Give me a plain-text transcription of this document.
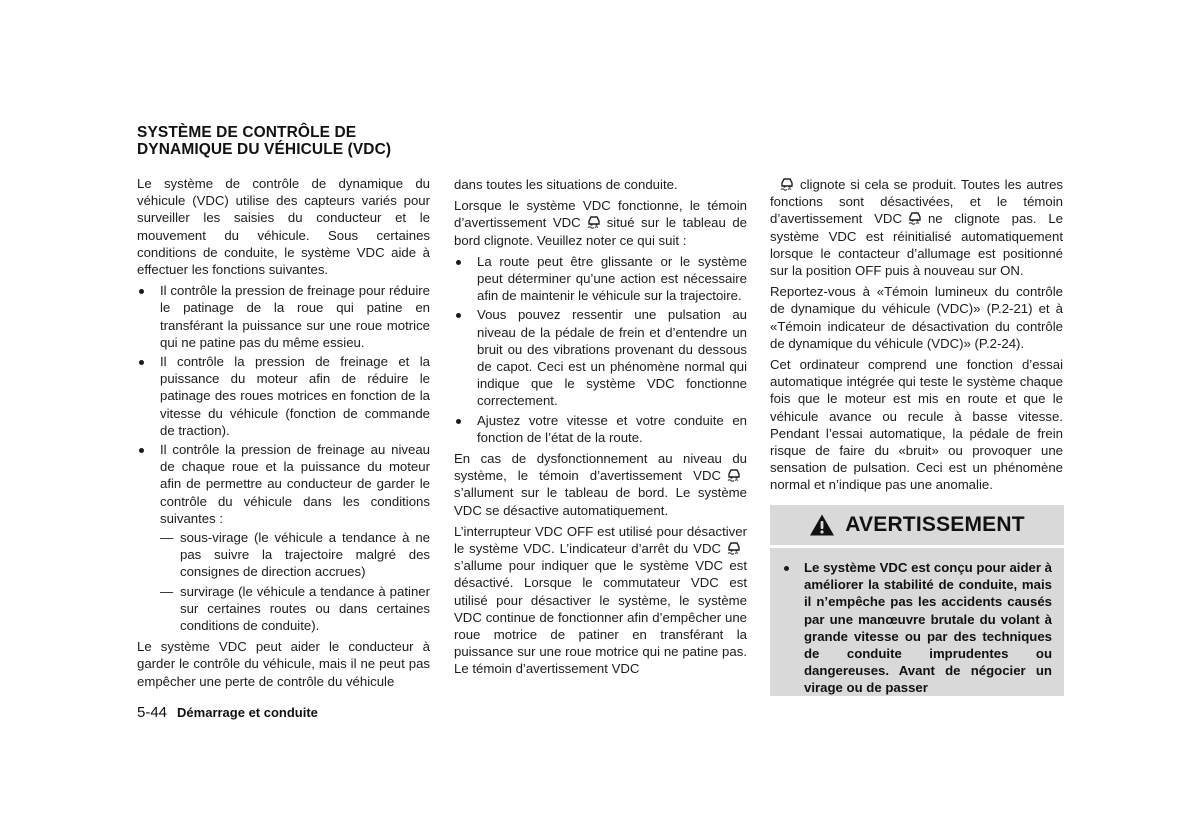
SYSTÈME DE CONTRÔLE DE
DYNAMIQUE DU VÉHICULE (VDC)

Le système de contrôle de dynamique du véhicule (VDC) utilise des capteurs variés pour surveiller les saisies du conducteur et le mouvement du véhicule. Sous certaines conditions de conduite, le système VDC aide à effectuer les fonctions suivantes.

Il contrôle la pression de freinage pour réduire le patinage de la roue qui patine en transférant la puissance sur une roue motrice qui ne patine pas du même essieu.
Il contrôle la pression de freinage et la puissance du moteur afin de réduire le patinage des roues motrices en fonction de la vitesse du véhicule (fonction de commande de traction).
Il contrôle la pression de freinage au niveau de chaque roue et la puissance du moteur afin de permettre au conducteur de garder le contrôle du véhicule dans les conditions suivantes :
— sous-virage (le véhicule a tendance à ne pas suivre la trajectoire malgré des consignes de direction accrues)
— survirage (le véhicule a tendance à patiner sur certaines routes ou dans certaines conditions de conduite).

Le système VDC peut aider le conducteur à garder le contrôle du véhicule, mais il ne peut pas empêcher une perte de contrôle du véhicule

dans toutes les situations de conduite.

Lorsque le système VDC fonctionne, le témoin d’avertissement VDC situé sur le tableau de bord clignote. Veuillez noter ce qui suit :

La route peut être glissante or le système peut déterminer qu’une action est nécessaire afin de maintenir le véhicule sur la trajectoire.
Vous pouvez ressentir une pulsation au niveau de la pédale de frein et d’entendre un bruit ou des vibrations provenant du dessous de capot. Ceci est un phénomène normal qui indique que le système VDC fonctionne correctement.
Ajustez votre vitesse et votre conduite en fonction de l’état de la route.

En cas de dysfonctionnement au niveau du système, le témoin d’avertissement VDCs’allument sur le tableau de bord. Le système VDC se désactive automatiquement.

L’interrupteur VDC OFF est utilisé pour désactiver le système VDC. L’indicateur d’arrêt du VDCs’allume pour indiquer que le système VDC est désactivé. Lorsque le commutateur VDC est utilisé pour désactiver le système, le système VDC continue de fonctionner afin d’empêcher une roue motrice de patiner en transférant la puissance sur une roue motrice qui ne patine pas. Le témoin d’avertissement VDC

clignote si cela se produit. Toutes les autres fonctions sont désactivées, et le témoin d’avertissement VDC ne clignote pas. Le système VDC est réinitialisé automatiquement lorsque le contacteur d’allumage est positionné sur la position OFF puis à nouveau sur ON.

Reportez-vous à «Témoin lumineux du contrôle de dynamique du véhicule (VDC)» (P.2-21) et à «Témoin indicateur de désactivation du contrôle de dynamique du véhicule (VDC)» (P.2-24).

Cet ordinateur comprend une fonction d’essai automatique intégrée qui teste le système chaque fois que le moteur est mis en route et que le véhicule avance ou recule à basse vitesse. Pendant l’essai automatique, la pédale de frein risque de faire du «bruit» ou provoquer une sensation de pulsation. Ceci est un phénomène normal et n’indique pas une anomalie.

AVERTISSEMENT
Le système VDC est conçu pour aider à améliorer la stabilité de conduite, mais il n’empêche pas les accidents causés par une manœuvre brutale du volant à grande vitesse ou par des techniques de conduite imprudentes ou dangereuses. Avant de négocier un virage ou de passer
5-44 Démarrage et conduite
